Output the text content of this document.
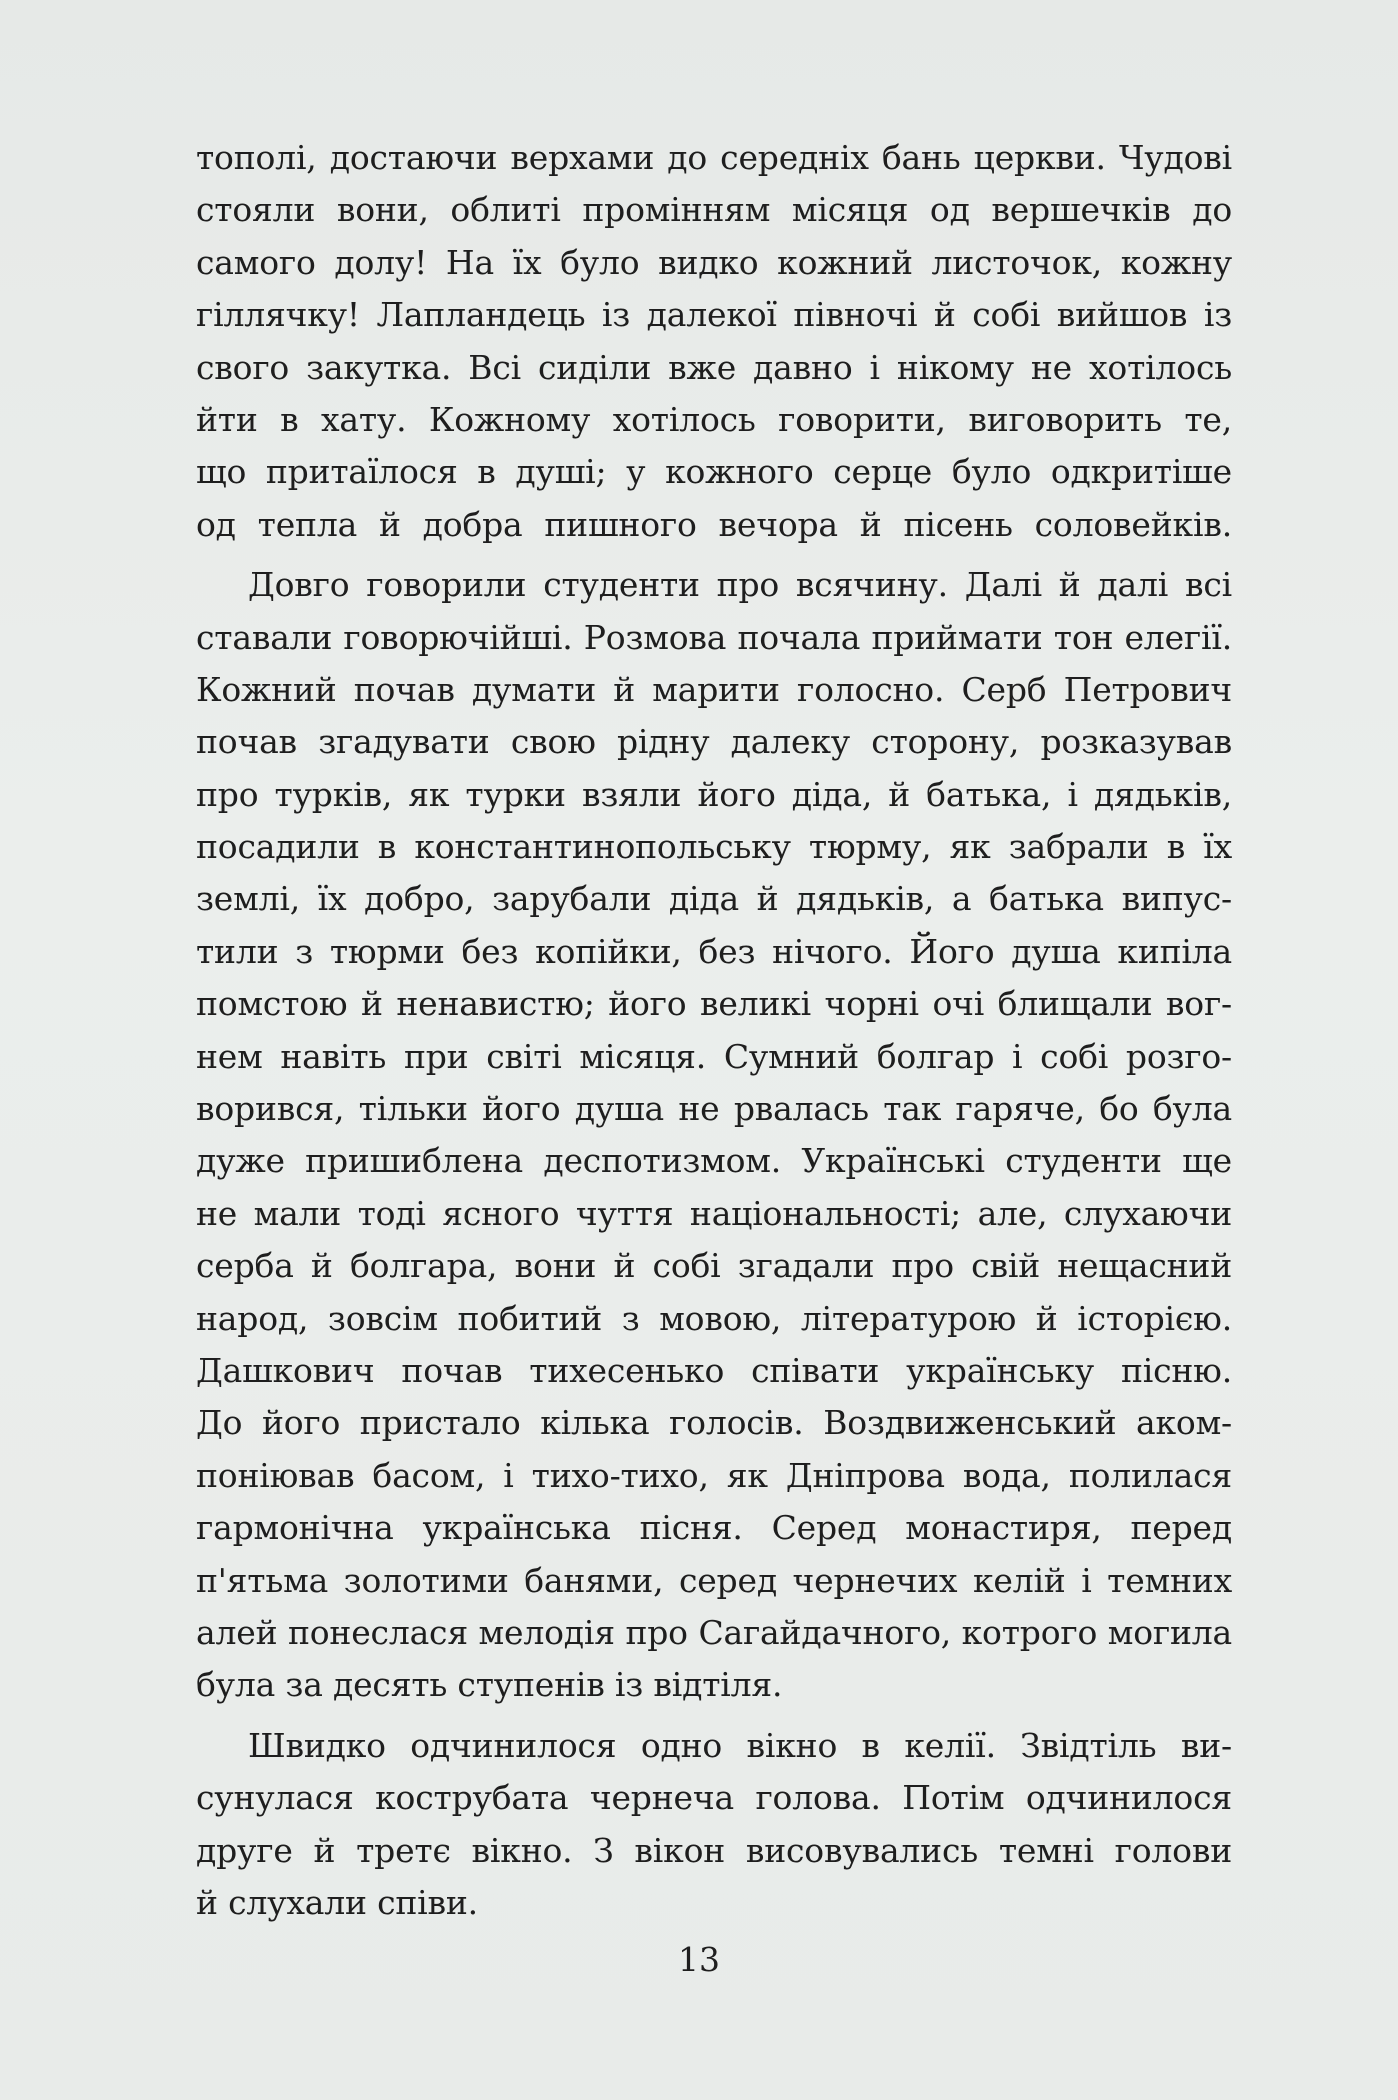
тополі, достаючи верхами до середніх бань церкви. Чудові
стояли вони, облиті промінням місяця од вершечків до
самого долу! На їх було видко кожний листочок, кожну
гіллячку! Лапландець із далекої півночі й собі вийшов із
свого закутка. Всі сиділи вже давно і нікому не хотілось
йти в хату. Кожному хотілось говорити, виговорить те,
що притаїлося в душі; у кожного серце було одкритіше
од тепла й добра пишного вечора й пісень соловейків.
Довго говорили студенти про всячину. Далі й далі всі
ставали говорючійші. Розмова почала приймати тон елегії.
Кожний почав думати й марити голосно. Серб Петрович
почав згадувати свою рідну далеку сторону, розказував
про турків, як турки взяли його діда, й батька, і дядьків,
посадили в константинопольську тюрму, як забрали в їх
землі, їх добро, зарубали діда й дядьків, а батька випус-
тили з тюрми без копійки, без нічого. Його душа кипіла
помстою й ненавистю; його великі чорні очі блищали вог-
нем навіть при світі місяця. Сумний болгар і собі розго-
ворився, тільки його душа не рвалась так гаряче, бо була
дуже пришиблена деспотизмом. Українські студенти ще
не мали тоді ясного чуття національності; але, слухаючи
серба й болгара, вони й собі згадали про свій нещасний
народ, зовсім побитий з мовою, літературою й історією.
Дашкович почав тихесенько співати українську пісню.
До його пристало кілька голосів. Воздвиженський аком-
поніював басом, і тихо-тихо, як Дніпрова вода, полилася
гармонічна українська пісня. Серед монастиря, перед
п'ятьма золотими банями, серед чернечих келій і темних
алей понеслася мелодія про Сагайдачного, котрого могила
була за десять ступенів із відтіля.
Швидко одчинилося одно вікно в келії. Звідтіль ви-
сунулася кострубата чернеча голова. Потім одчинилося
друге й третє вікно. З вікон висовувались темні голови
й слухали співи.
13
